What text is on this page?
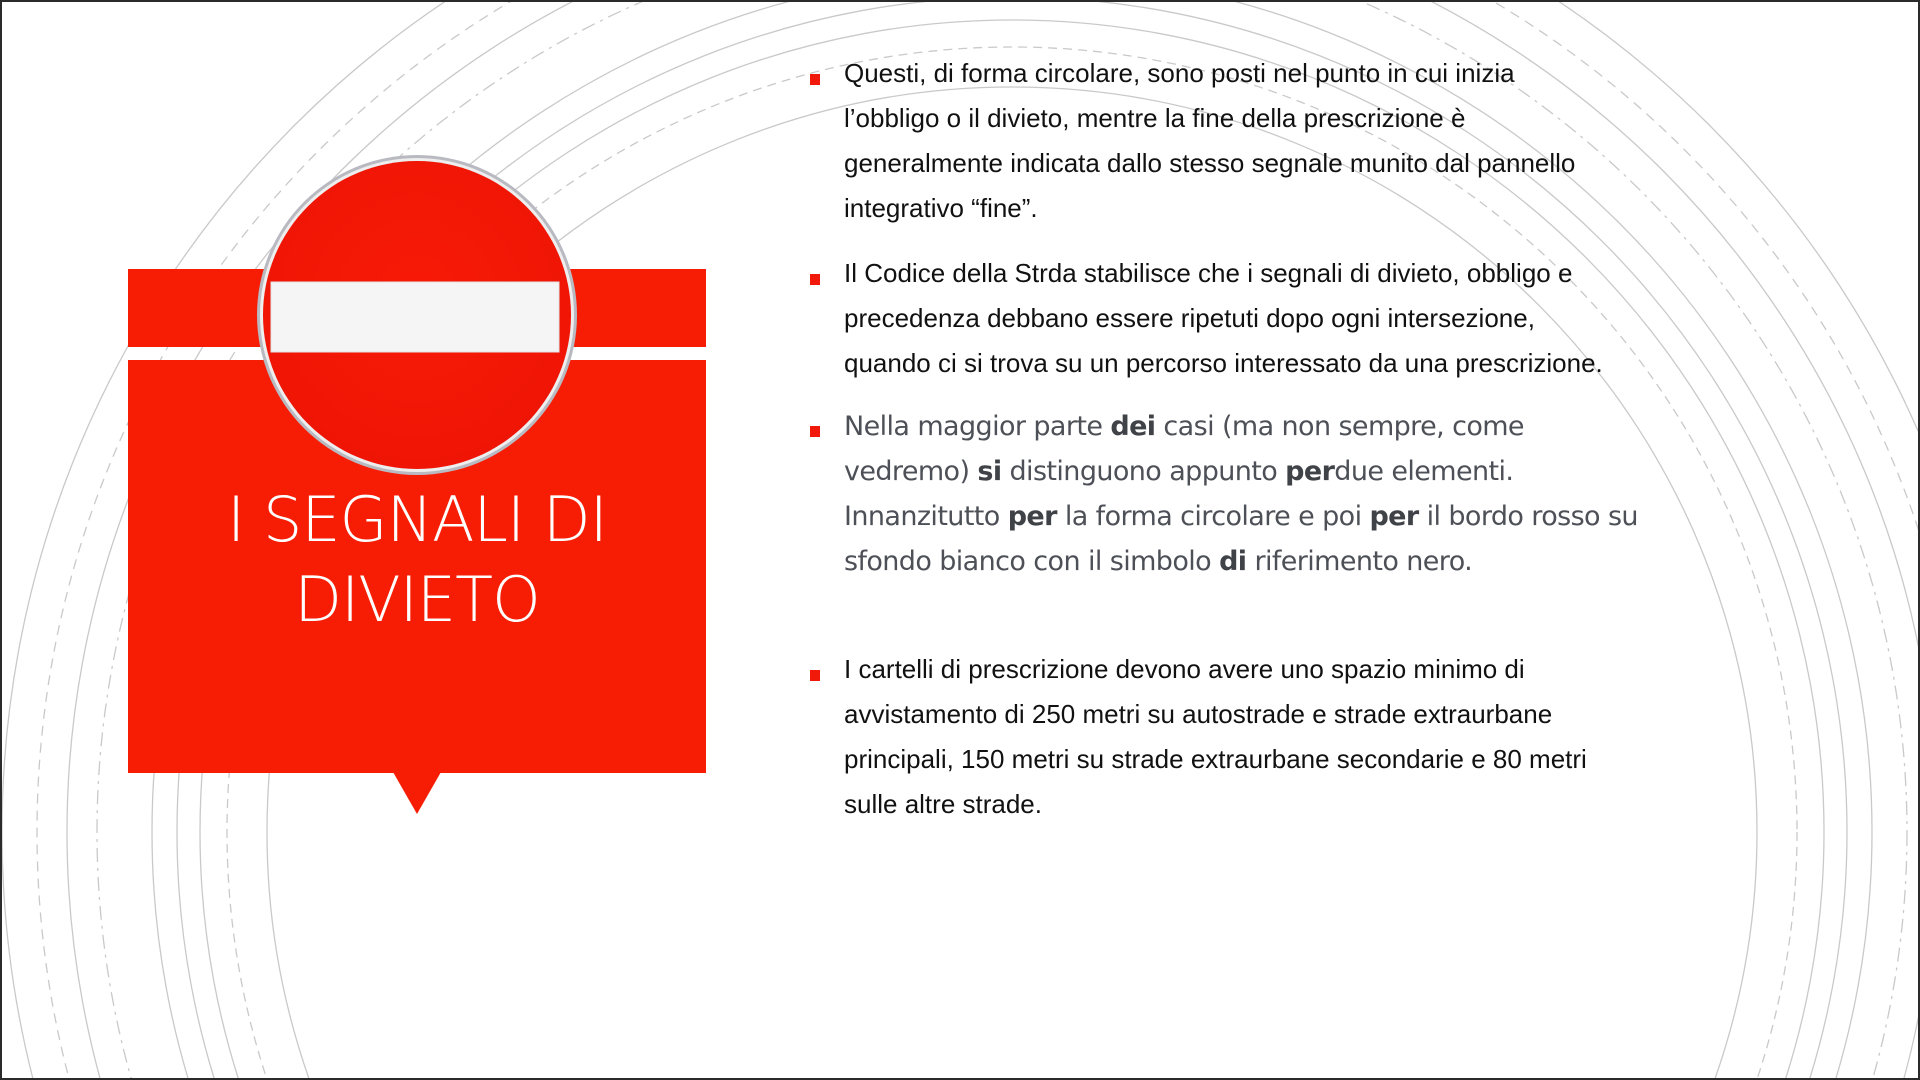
I SEGNALI DI
DIVIETO
Questi, di forma circolare, sono posti nel punto in cui inizia
l’obbligo o il divieto, mentre la fine della prescrizione è
generalmente indicata dallo stesso segnale munito dal pannello
integrativo “fine”.
Il Codice della Strda stabilisce che i segnali di divieto, obbligo e
precedenza debbano essere ripetuti dopo ogni intersezione,
quando ci si trova su un percorso interessato da una prescrizione.
Nella maggior parte dei casi (ma non sempre, come
vedremo) si distinguono appunto perdue elementi.
Innanzitutto per la forma circolare e poi per il bordo rosso su
sfondo bianco con il simbolo di riferimento nero.
I cartelli di prescrizione devono avere uno spazio minimo di
avvistamento di 250 metri su autostrade e strade extraurbane
principali, 150 metri su strade extraurbane secondarie e 80 metri
sulle altre strade.
